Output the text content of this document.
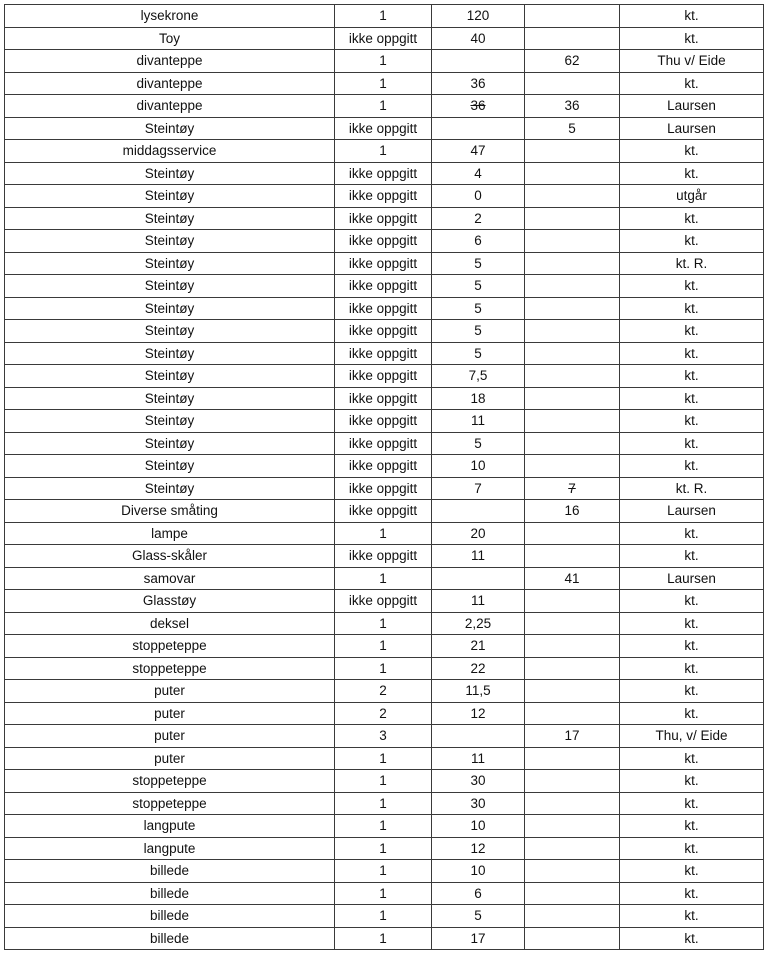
lysekrone	1	120		kt.
Toy	ikke oppgitt	40		kt.
divanteppe	1		62	Thu v/ Eide
divanteppe	1	36		kt.
divanteppe	1	36	36	Laursen
Steintøy	ikke oppgitt		5	Laursen
middagsservice	1	47		kt.
Steintøy	ikke oppgitt	4		kt.
Steintøy	ikke oppgitt	0		utgår
Steintøy	ikke oppgitt	2		kt.
Steintøy	ikke oppgitt	6		kt.
Steintøy	ikke oppgitt	5		kt. R.
Steintøy	ikke oppgitt	5		kt.
Steintøy	ikke oppgitt	5		kt.
Steintøy	ikke oppgitt	5		kt.
Steintøy	ikke oppgitt	5		kt.
Steintøy	ikke oppgitt	7,5		kt.
Steintøy	ikke oppgitt	18		kt.
Steintøy	ikke oppgitt	11		kt.
Steintøy	ikke oppgitt	5		kt.
Steintøy	ikke oppgitt	10		kt.
Steintøy	ikke oppgitt	7	7	kt. R.
Diverse småting	ikke oppgitt		16	Laursen
lampe	1	20		kt.
Glass-skåler	ikke oppgitt	11		kt.
samovar	1		41	Laursen
Glasstøy	ikke oppgitt	11		kt.
deksel	1	2,25		kt.
stoppeteppe	1	21		kt.
stoppeteppe	1	22		kt.
puter	2	11,5		kt.
puter	2	12		kt.
puter	3		17	Thu, v/ Eide
puter	1	11		kt.
stoppeteppe	1	30		kt.
stoppeteppe	1	30		kt.
langpute	1	10		kt.
langpute	1	12		kt.
billede	1	10		kt.
billede	1	6		kt.
billede	1	5		kt.
billede	1	17		kt.
